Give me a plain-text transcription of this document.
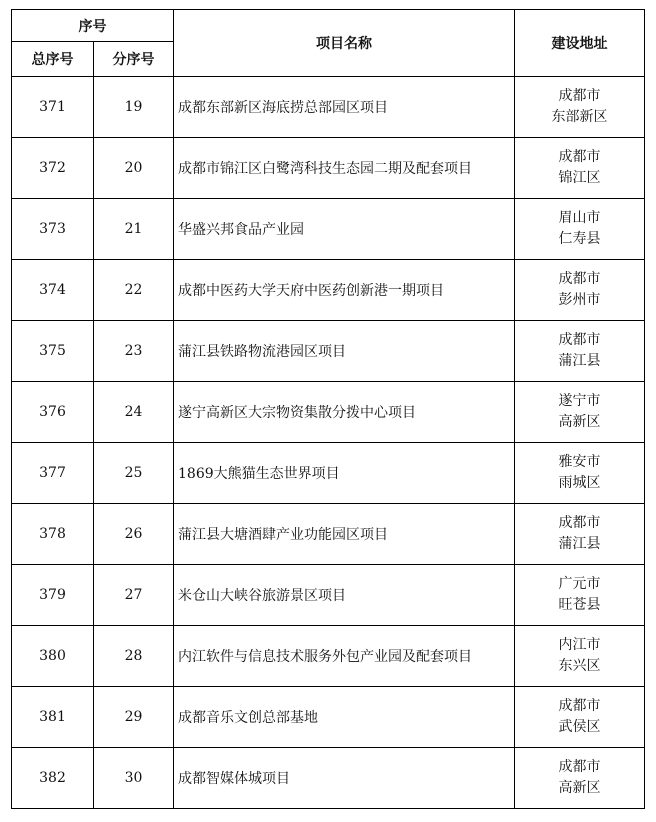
序号		项目名称	建设地址
总序号	分序号		
371	19	成都东部新区海底捞总部园区项目	成都市
东部新区

372	20	成都市锦江区白鹭湾科技生态园二期及配套项目	成都市
锦江区

373	21	华盛兴邦食品产业园	眉山市
仁寿县

374	22	成都中医药大学天府中医药创新港一期项目	成都市
彭州市

375	23	蒲江县铁路物流港园区项目	成都市
蒲江县

376	24	遂宁高新区大宗物资集散分拨中心项目	遂宁市
高新区

377	25	1869大熊猫生态世界项目	雅安市
雨城区

378	26	蒲江县大塘酒肆产业功能园区项目	成都市
蒲江县

379	27	米仓山大峡谷旅游景区项目	广元市
旺苍县

380	28	内江软件与信息技术服务外包产业园及配套项目	内江市
东兴区

381	29	成都音乐文创总部基地	成都市
武侯区

382	30	成都智媒体城项目	成都市
高新区
